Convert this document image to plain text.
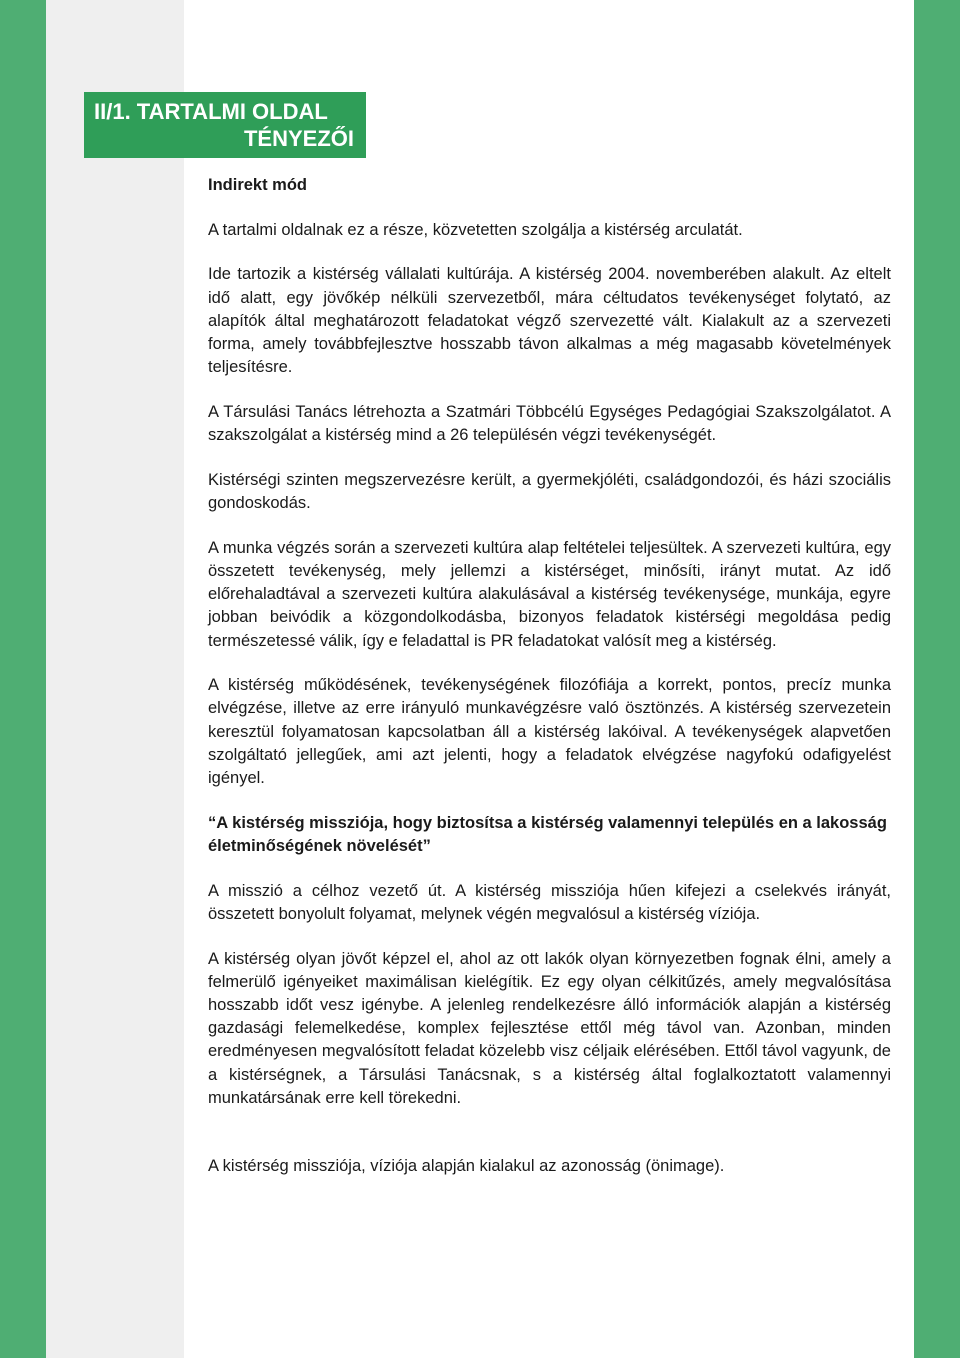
II/1. TARTALMI OLDAL
TÉNYEZŐI

Indirekt mód

A tartalmi oldalnak ez a része, közvetetten szolgálja a kistérség arculatát.

Ide tartozik a kistérség vállalati kultúrája. A kistérség 2004. novemberében alakult. Az eltelt idő alatt, egy jövőkép nélküli szervezetből, mára céltudatos tevékenységet folytató, az alapítók által meghatározott feladatokat végző szervezetté vált. Kialakult az a szervezeti forma, amely továbbfejlesztve hosszabb távon alkalmas a még magasabb követelmények teljesítésre.

A Társulási Tanács létrehozta a Szatmári Többcélú Egységes Pedagógiai Szakszolgálatot. A szakszolgálat a kistérség mind a 26 településén végzi tevékenységét.

Kistérségi szinten megszervezésre került, a gyermekjóléti, családgondozói, és házi szociális gondoskodás.

A munka végzés során a szervezeti kultúra alap feltételei teljesültek. A szervezeti kultúra, egy összetett tevékenység, mely jellemzi a kistérséget, minősíti, irányt mutat. Az idő előrehaladtával a szervezeti kultúra alakulásával a kistérség tevékenysége, munkája, egyre jobban beivódik a közgondolkodásba, bizonyos feladatok kistérségi megoldása pedig természetessé válik, így e feladattal is PR feladatokat valósít meg a kistérség.

A kistérség működésének, tevékenységének filozófiája a korrekt, pontos, precíz munka elvégzése, illetve az erre irányuló munkavégzésre való ösztönzés. A kistérség szervezetein keresztül folyamatosan kapcsolatban áll a kistérség lakóival. A tevékenységek alapvetően szolgáltató jellegűek, ami azt jelenti, hogy a feladatok elvégzése nagyfokú odafigyelést igényel.

“A kistérség missziója, hogy biztosítsa a kistérség valamennyi település en a lakosság életminőségének növelését”

A misszió a célhoz vezető út. A kistérség missziója hűen kifejezi a cselekvés irányát, összetett bonyolult folyamat, melynek végén megvalósul a kistérség víziója.

A kistérség olyan jövőt képzel el, ahol az ott lakók olyan környezetben fognak élni, amely a felmerülő igényeiket maximálisan kielégítik. Ez egy olyan célkitűzés, amely megvalósítása hosszabb időt vesz igénybe. A jelenleg rendelkezésre álló információk alapján a kistérség gazdasági felemelkedése, komplex fejlesztése ettől még távol van. Azonban, minden eredményesen megvalósított feladat közelebb visz céljaik elérésében. Ettől távol vagyunk, de a kistérségnek, a Társulási Tanácsnak, s a kistérség által foglalkoztatott valamennyi munkatársának erre kell törekedni.

A kistérség missziója, víziója alapján kialakul az azonosság (önimage).
